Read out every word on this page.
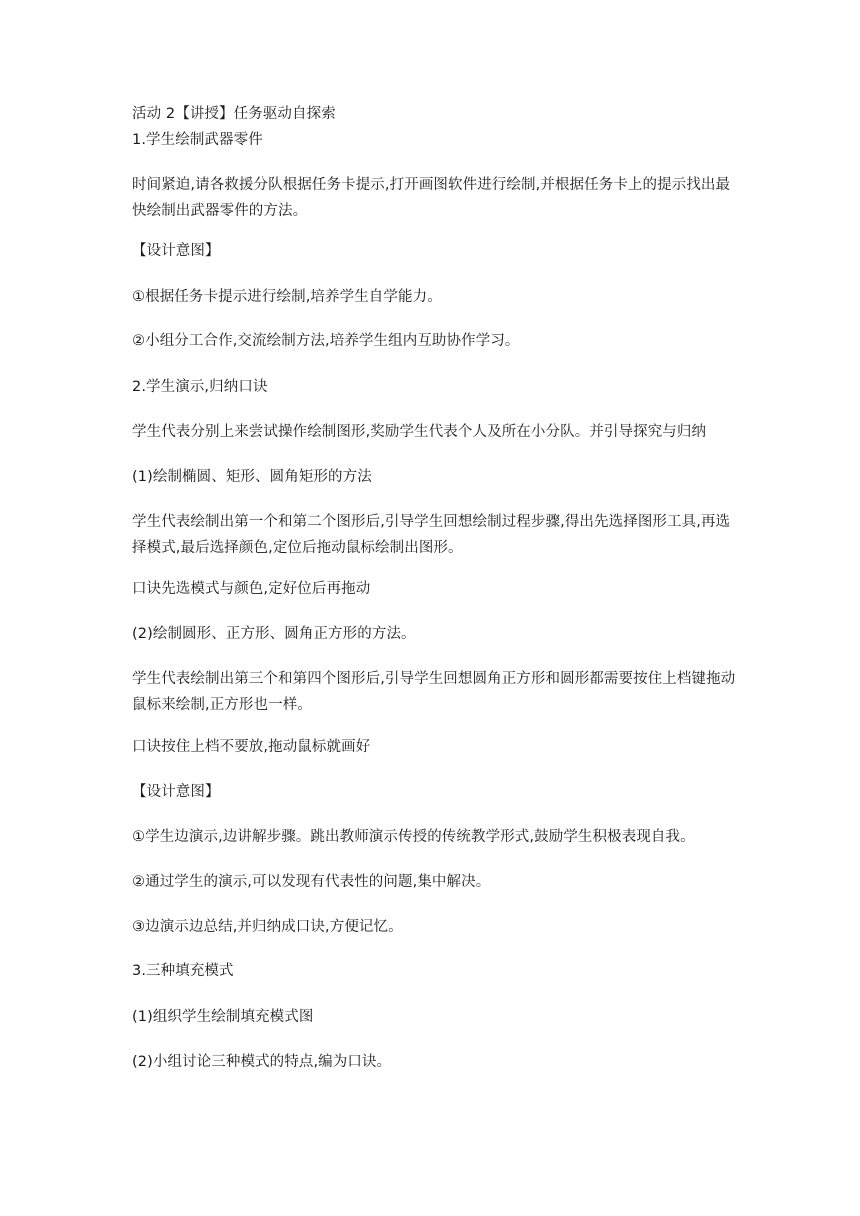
活动 2【讲授】任务驱动自探索
1.学生绘制武器零件
时间紧迫,请各救援分队根据任务卡提示,打开画图软件进行绘制,并根据任务卡上的提示找出最快绘制出武器零件的方法。
【设计意图】
①根据任务卡提示进行绘制,培养学生自学能力。
②小组分工合作,交流绘制方法,培养学生组内互助协作学习。
2.学生演示,归纳口诀
学生代表分别上来尝试操作绘制图形,奖励学生代表个人及所在小分队。并引导探究与归纳
(1)绘制椭圆、矩形、圆角矩形的方法
学生代表绘制出第一个和第二个图形后,引导学生回想绘制过程步骤,得出先选择图形工具,再选择模式,最后选择颜色,定位后拖动鼠标绘制出图形。
口诀先选模式与颜色,定好位后再拖动
(2)绘制圆形、正方形、圆角正方形的方法。
学生代表绘制出第三个和第四个图形后,引导学生回想圆角正方形和圆形都需要按住上档键拖动鼠标来绘制,正方形也一样。
口诀按住上档不要放,拖动鼠标就画好
【设计意图】
①学生边演示,边讲解步骤。跳出教师演示传授的传统教学形式,鼓励学生积极表现自我。
②通过学生的演示,可以发现有代表性的问题,集中解决。
③边演示边总结,并归纳成口诀,方便记忆。
3.三种填充模式
(1)组织学生绘制填充模式图
(2)小组讨论三种模式的特点,编为口诀。
